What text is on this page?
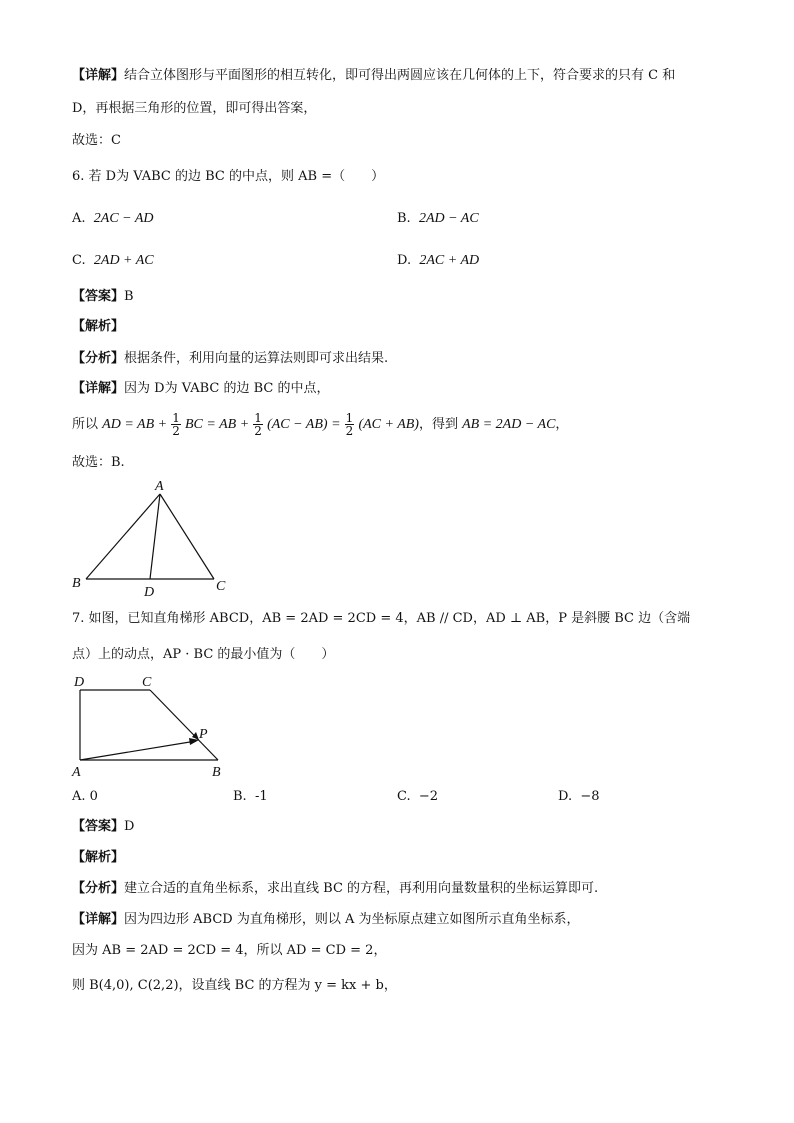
【详解】结合立体图形与平面图形的相互转化，即可得出两圆应该在几何体的上下，符合要求的只有 C 和
D，再根据三角形的位置，即可得出答案，
故选：C
6. 若 D为 VABC 的边 BC 的中点，则 AB =（　　）
A. 2AC − AD	B. 2AD − AC
C. 2AD + AC	D. 2AC + AD
【答案】B
【解析】
【分析】根据条件，利用向量的运算法则即可求出结果.
【详解】因为 D为 VABC 的边 BC 的中点，
所以 AD = AB + $\frac{1}{2}$ BC = AB + $\frac{1}{2} (AC - AB) = \frac{1}{2} (AC + AB)$，得到 AB = 2AD − AC，
故选：B.
A
B	C
D
7. 如图，已知直角梯形 ABCD，AB = 2AD = 2CD = 4，AB // CD，AD ⊥ AB，P 是斜腰 BC 边（含端
点）上的动点，AP · BC 的最小值为（　　）
D	C
P
A	B
A. 0	B. -1	C. −2	D. −8
【答案】D
【解析】
【分析】建立合适的直角坐标系，求出直线 BC 的方程，再利用向量数量积的坐标运算即可.
【详解】因为四边形 ABCD 为直角梯形，则以 A 为坐标原点建立如图所示直角坐标系，
因为 AB = 2AD = 2CD = 4，所以 AD = CD = 2，
则 B(4,0), C(2,2)，设直线 BC 的方程为 y = kx + b，
